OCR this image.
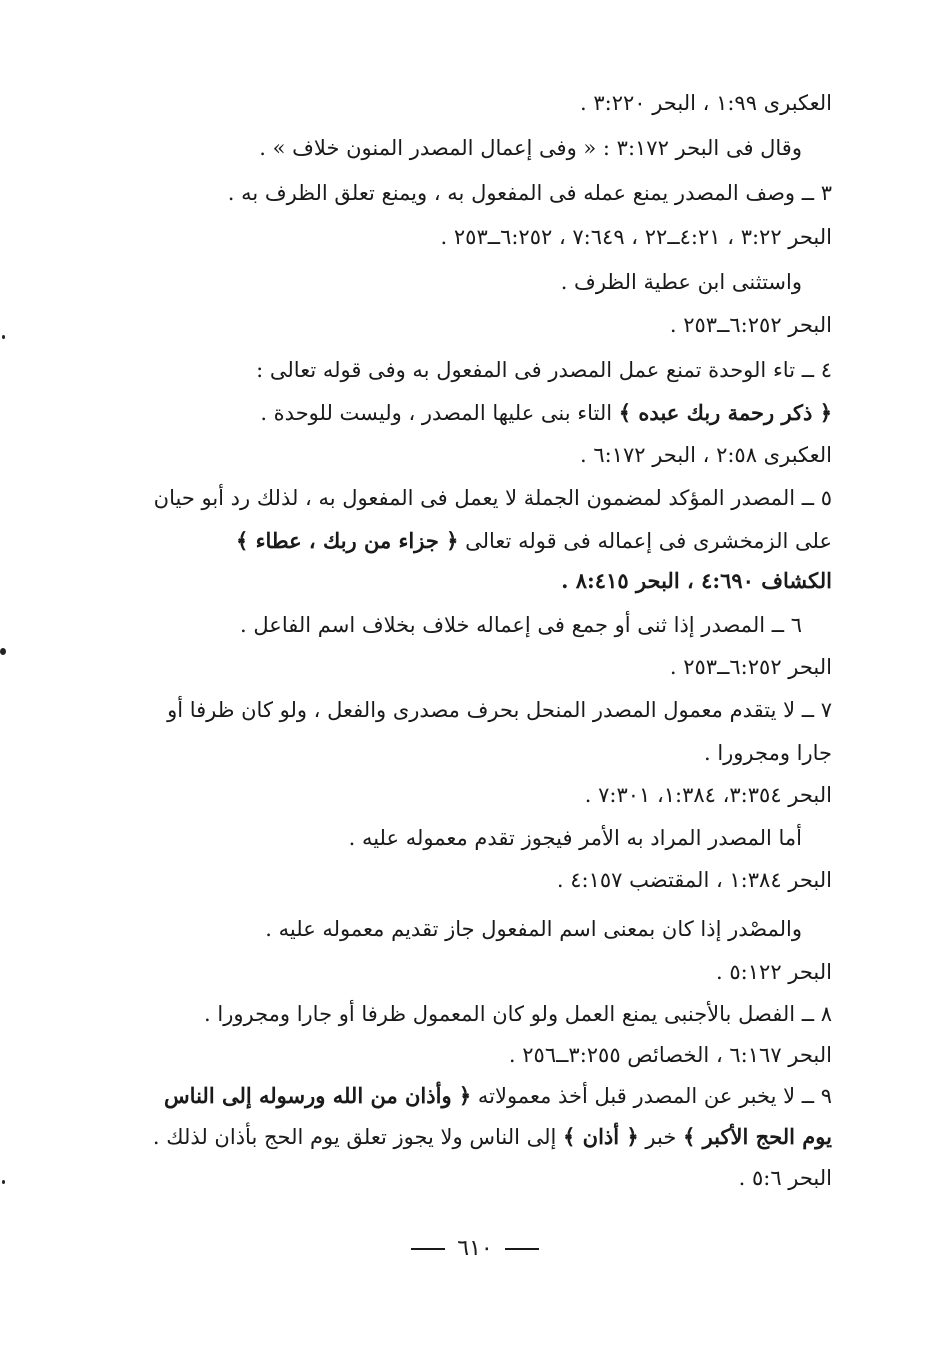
العكبرى ١:٩٩ ، البحر ٣:٢٢٠ .
وقال فى البحر ٣:١٧٢ : « وفى إعمال المصدر المنون خلاف » .
٣ ــ وصف المصدر يمنع عمله فى المفعول به ، ويمنع تعلق الظرف به .
البحر ٣:٢٢ ، ٤:٢١ــ٢٢ ، ٧:٦٤٩ ، ٦:٢٥٢ــ٢٥٣ .
واستثنى ابن عطية الظرف .
البحر ٦:٢٥٢ــ٢٥٣ .
٤ ــ تاء الوحدة تمنع عمل المصدر فى المفعول به وفى قوله تعالى :
﴿ ذكر رحمة ربك عبده ﴾ التاء بنى عليها المصدر ، وليست للوحدة .
العكبرى ٢:٥٨ ، البحر ٦:١٧٢ .
٥ ــ المصدر المؤكد لمضمون الجملة لا يعمل فى المفعول به ، لذلك رد أبو حيان
على الزمخشرى فى إعماله فى قوله تعالى ﴿ جزاء من ربك ، عطاء ﴾
الكشاف ٤:٦٩٠ ، البحر ٨:٤١٥ .
٦ ــ المصدر إذا ثنى أو جمع فى إعماله خلاف بخلاف اسم الفاعل .
البحر ٦:٢٥٢ــ٢٥٣ .
٧ ــ لا يتقدم معمول المصدر المنحل بحرف مصدرى والفعل ، ولو كان ظرفا أو
جارا ومجرورا .
البحر ٣:٣٥٤، ١:٣٨٤، ٧:٣٠١ .
أما المصدر المراد به الأمر فيجوز تقدم معموله عليه .
البحر ١:٣٨٤ ، المقتضب ٤:١٥٧ .
والمصْدر إذا كان بمعنى اسم المفعول جاز تقديم معموله عليه .
البحر ٥:١٢٢ .
٨ ــ الفصل بالأجنبى يمنع العمل ولو كان المعمول ظرفا أو جارا ومجرورا .
البحر ٦:١٦٧ ، الخصائص ٣:٢٥٥ــ٢٥٦ .
٩ ــ لا يخبر عن المصدر قبل أخذ معمولاته ﴿ وأذان من الله ورسوله إلى الناس
يوم الحج الأكبر ﴾ خبر ﴿ أذان ﴾ إلى الناس ولا يجوز تعلق يوم الحج بأذان لذلك .
البحر ٥:٦ .
٦١٠
